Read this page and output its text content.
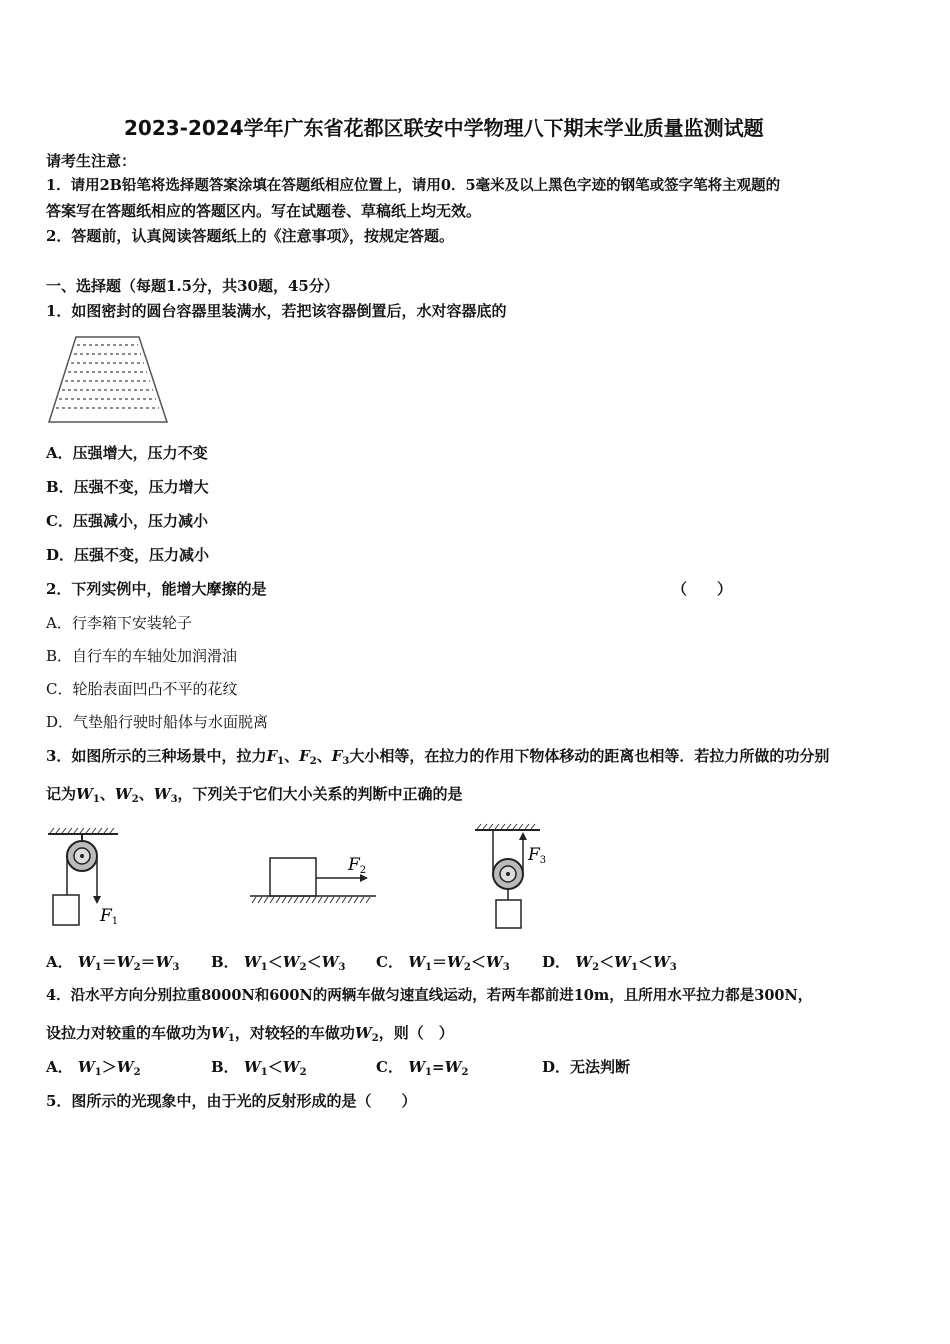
2023-2024学年广东省花都区联安中学物理八下期末学业质量监测试题
请考生注意：
1．请用2B铅笔将选择题答案涂填在答题纸相应位置上，请用0．5毫米及以上黑色字迹的钢笔或签字笔将主观题的
答案写在答题纸相应的答题区内。写在试题卷、草稿纸上均无效。
2．答题前，认真阅读答题纸上的《注意事项》，按规定答题。
一、选择题（每题1.5分，共30题，45分）
1．如图密封的圆台容器里装满水，若把该容器倒置后，水对容器底的
A．压强增大，压力不变
B．压强不变，压力增大
C．压强减小，压力减小
D．压强不变，压力减小
2．下列实例中，能增大摩擦的是	（　　）
A．行李箱下安装轮子
B．自行车的车轴处加润滑油
C．轮胎表面凹凸不平的花纹
D．气垫船行驶时船体与水面脱离
3．如图所示的三种场景中，拉力$F_1$、$F_2$、$F_3$大小相等，在拉力的作用下物体移动的距离也相等．若拉力所做的功分别
记为$W_1$、$W_2$、$W_3$，下列关于它们大小关系的判断中正确的是
F1
F2
F3
A． $W_1=W_2=W_3$ B． $W_1<W_2<W_3$ C． $W_1=W_2<W_3$ D． $W_2<W_1<W_3$
4．沿水平方向分别拉重8000N和600N的两辆车做匀速直线运动，若两车都前进10m，且所用水平拉力都是300N，
设拉力对较重的车做功为$W_1$，对较轻的车做功$W_2$，则（　）
A． $W_1>W_2$	B． $W_1<W_2$	C． $W_1=W_2$	D．无法判断
5．图所示的光现象中，由于光的反射形成的是（　　）
